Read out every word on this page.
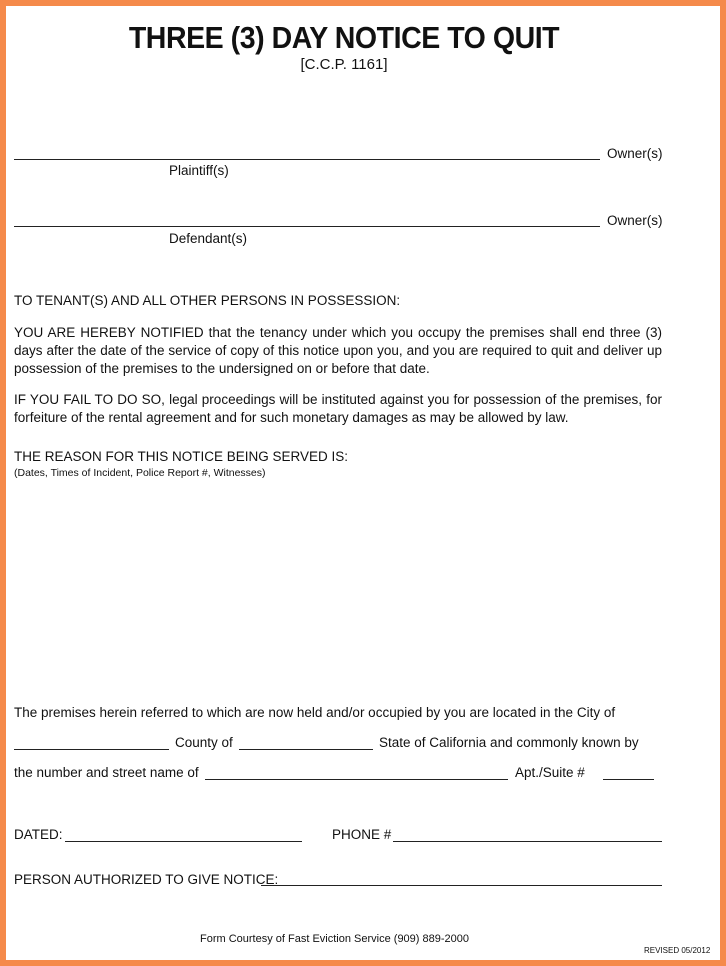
THREE (3) DAY NOTICE TO QUIT
[C.C.P. 1161]
Owner(s)
Plaintiff(s)
Owner(s)
Defendant(s)
TO TENANT(S) AND ALL OTHER PERSONS IN POSSESSION:
YOU ARE HEREBY NOTIFIED that the tenancy under which you occupy the premises shall end three (3) days after the date of the service of copy of this notice upon you, and you are required to quit and deliver up possession of the premises to the undersigned on or before that date.
IF YOU FAIL TO DO SO, legal proceedings will be instituted against you for possession of the premises, for forfeiture of the rental agreement and for such monetary damages as may be allowed by law.
THE REASON FOR THIS NOTICE BEING SERVED IS:
(Dates, Times of Incident, Police Report #, Witnesses)
The premises herein referred to which are now held and/or occupied by you are located in the City of
County of	State of California and commonly known by
the number and street name of	Apt./Suite #
DATED:	PHONE #
PERSON AUTHORIZED TO GIVE NOTICE:
Form Courtesy of Fast Eviction Service (909) 889-2000
REVISED 05/2012
